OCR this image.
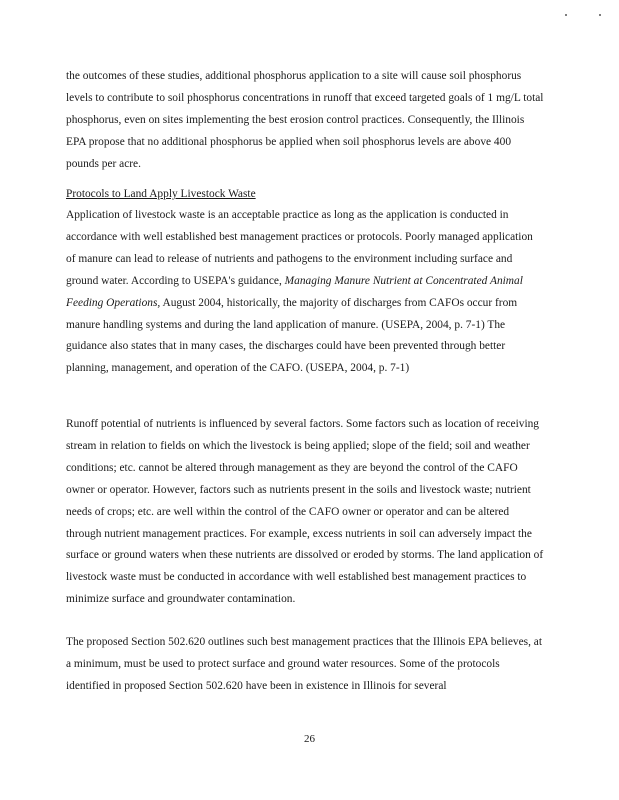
the outcomes of these studies, additional phosphorus application to a site will cause soil phosphorus levels to contribute to soil phosphorus concentrations in runoff that exceed targeted goals of 1 mg/L total phosphorus, even on sites implementing the best erosion control practices. Consequently, the Illinois EPA propose that no additional phosphorus be applied when soil phosphorus levels are above 400 pounds per acre.

Protocols to Land Apply Livestock Waste

Application of livestock waste is an acceptable practice as long as the application is conducted in accordance with well established best management practices or protocols. Poorly managed application of manure can lead to release of nutrients and pathogens to the environment including surface and ground water. According to USEPA's guidance, Managing Manure Nutrient at Concentrated Animal Feeding Operations, August 2004, historically, the majority of discharges from CAFOs occur from manure handling systems and during the land application of manure. (USEPA, 2004, p. 7-1) The guidance also states that in many cases, the discharges could have been prevented through better planning, management, and operation of the CAFO. (USEPA, 2004, p. 7-1)

Runoff potential of nutrients is influenced by several factors. Some factors such as location of receiving stream in relation to fields on which the livestock is being applied; slope of the field; soil and weather conditions; etc. cannot be altered through management as they are beyond the control of the CAFO owner or operator. However, factors such as nutrients present in the soils and livestock waste; nutrient needs of crops; etc. are well within the control of the CAFO owner or operator and can be altered through nutrient management practices. For example, excess nutrients in soil can adversely impact the surface or ground waters when these nutrients are dissolved or eroded by storms. The land application of livestock waste must be conducted in accordance with well established best management practices to minimize surface and groundwater contamination.

The proposed Section 502.620 outlines such best management practices that the Illinois EPA believes, at a minimum, must be used to protect surface and ground water resources. Some of the protocols identified in proposed Section 502.620 have been in existence in Illinois for several

26
